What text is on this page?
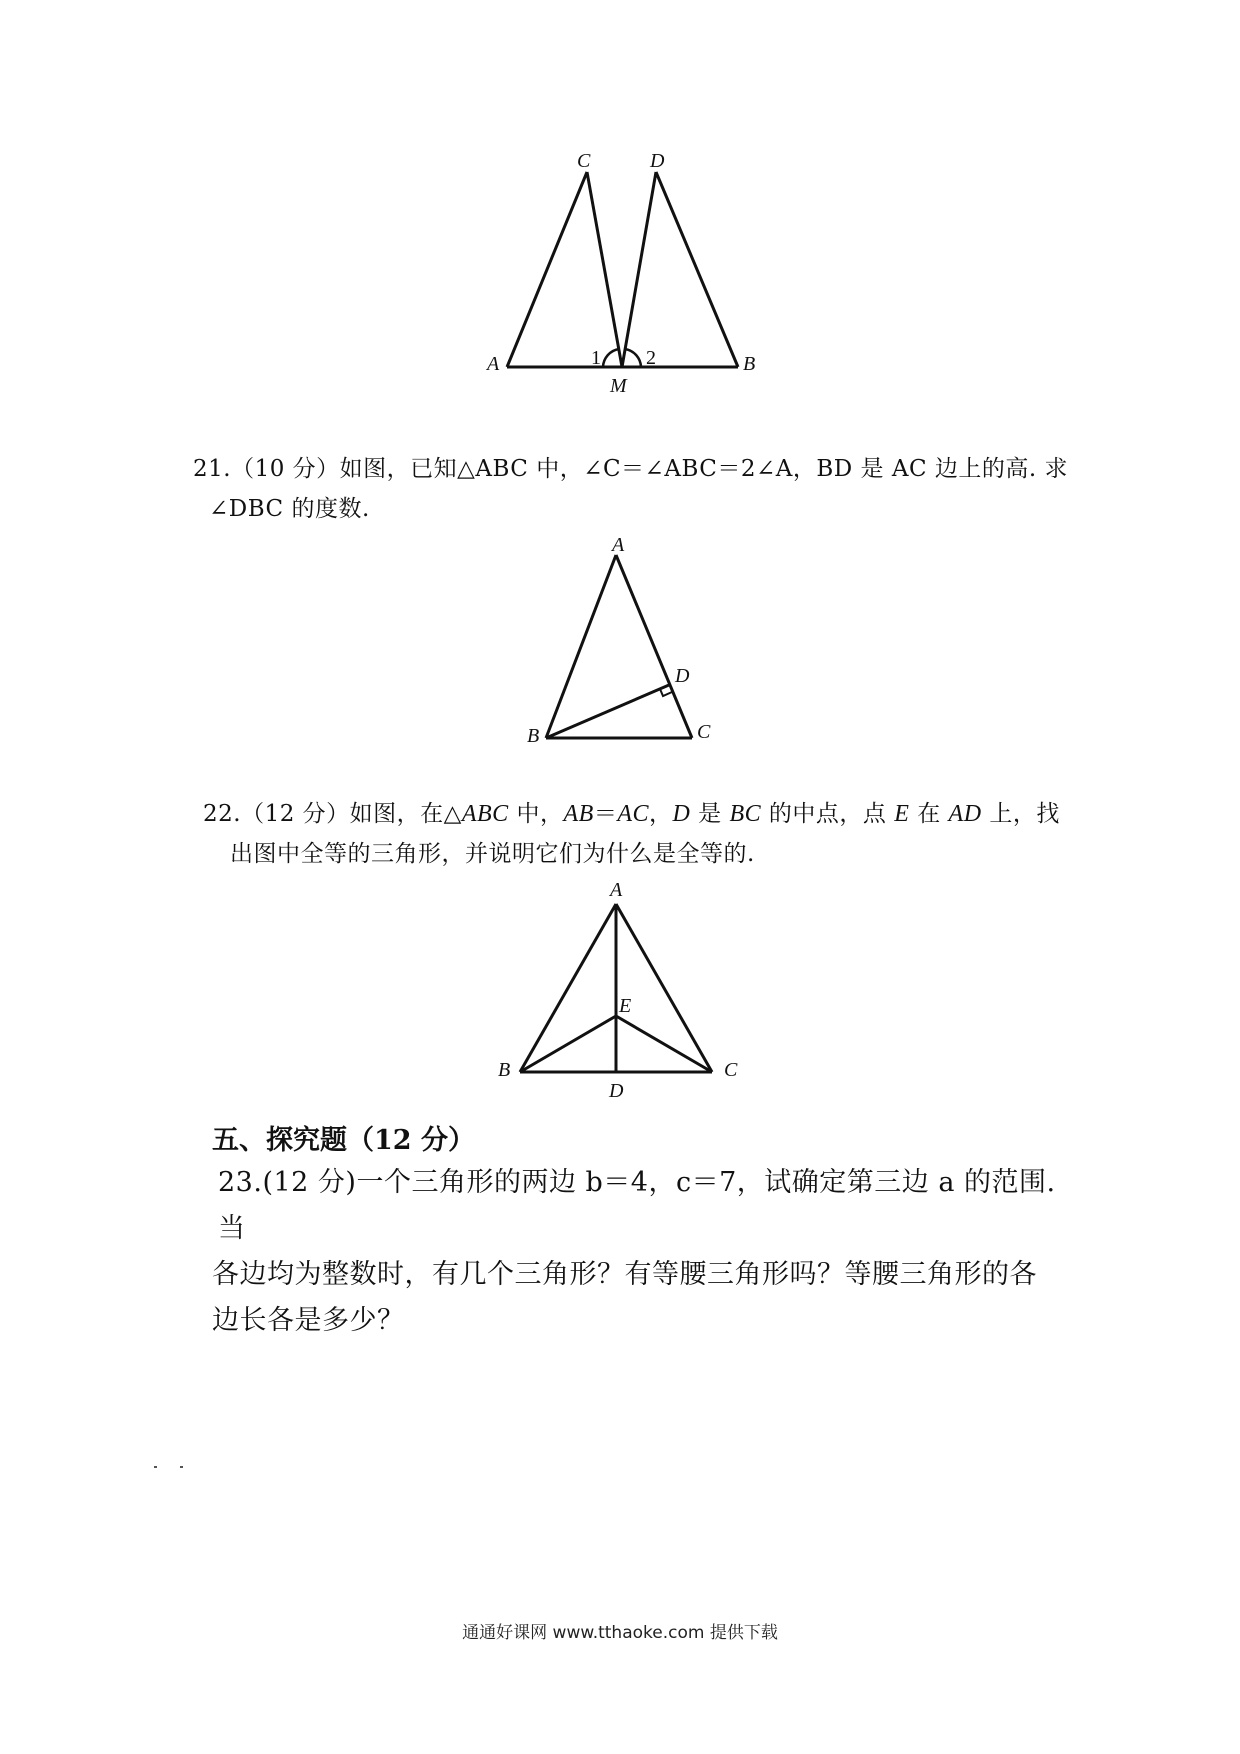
C	D
A	B
M
1 2
21.（10 分）如图，已知△ABC 中，∠C＝∠ABC＝2∠A，BD 是 AC 边上的高. 求
∠DBC 的度数.
A
B	C
D
22.（12 分）如图，在△ABC 中，AB＝AC，D 是 BC 的中点，点 E 在 AD 上，找
出图中全等的三角形，并说明它们为什么是全等的.
A
B	C
D
E
五、探究题（12 分）
23.(12 分)一个三角形的两边 b＝4，c＝7，试确定第三边 a 的范围. 当
各边均为整数时，有几个三角形？有等腰三角形吗？等腰三角形的各
边长各是多少？
通通好课网 www.tthaoke.com 提供下载
